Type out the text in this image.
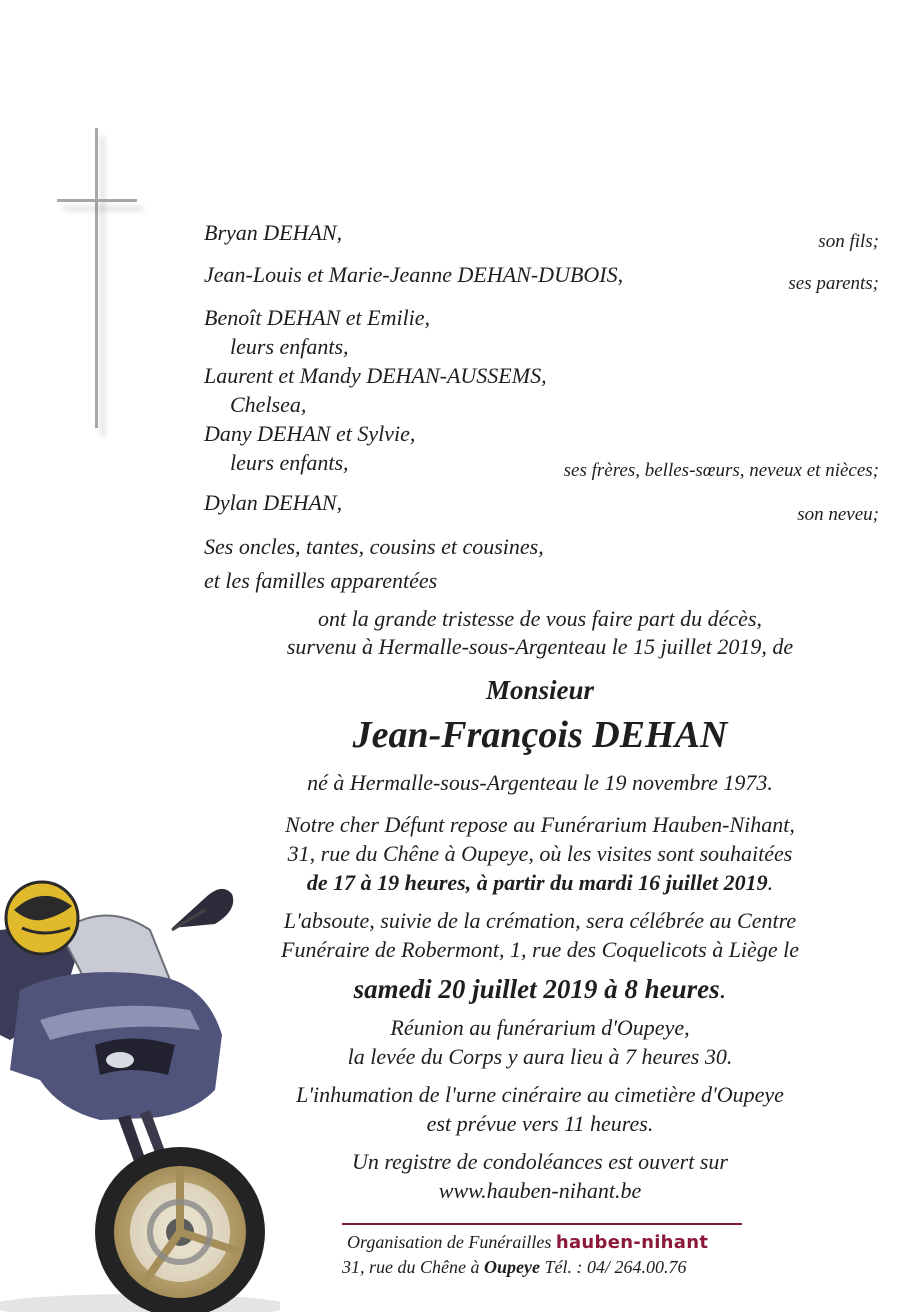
Bryan DEHAN,	son fils;
Jean-Louis et Marie-Jeanne DEHAN-DUBOIS,	ses parents;
Benoît DEHAN et Emilie,
leurs enfants,
Laurent et Mandy DEHAN-AUSSEMS,
Chelsea,
Dany DEHAN et Sylvie,
leurs enfants,	ses frères, belles-sœurs, neveux et nièces;
Dylan DEHAN,	son neveu;
Ses oncles, tantes, cousins et cousines,
et les familles apparentées
ont la grande tristesse de vous faire part du décès,
survenu à Hermalle-sous-Argenteau le 15 juillet 2019, de
Monsieur
Jean-François DEHAN
né à Hermalle-sous-Argenteau le 19 novembre 1973.
Notre cher Défunt repose au Funérarium Hauben-Nihant,
31, rue du Chêne à Oupeye, où les visites sont souhaitées
de 17 à 19 heures, à partir du mardi 16 juillet 2019.
L'absoute, suivie de la crémation, sera célébrée au Centre
Funéraire de Robermont, 1, rue des Coquelicots à Liège le
samedi 20 juillet 2019 à 8 heures.
Réunion au funérarium d'Oupeye,
la levée du Corps y aura lieu à 7 heures 30.
L'inhumation de l'urne cinéraire au cimetière d'Oupeye
est prévue vers 11 heures.
Un registre de condoléances est ouvert sur
www.hauben-nihant.be
Organisation de Funérailles hauben-nihant
31, rue du Chêne à Oupeye Tél. : 04/ 264.00.76
